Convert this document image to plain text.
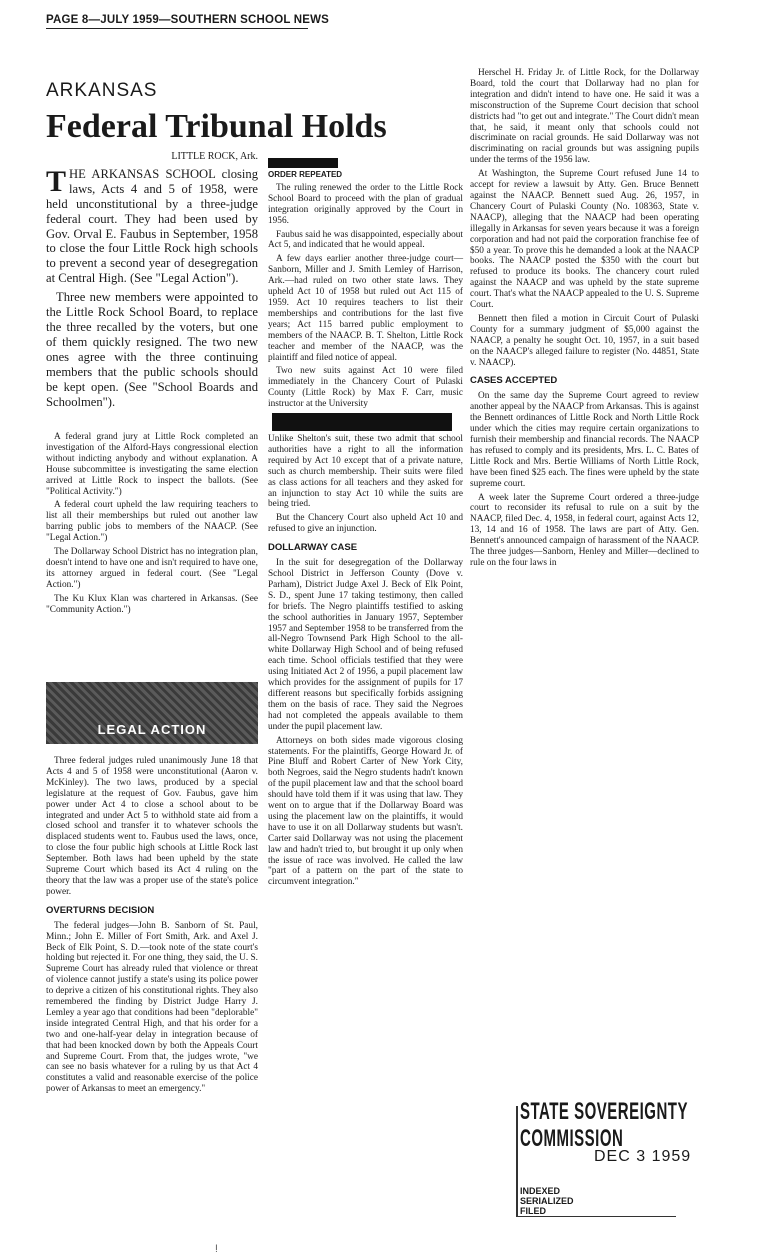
PAGE 8—JULY 1959—SOUTHERN SCHOOL NEWS
ARKANSAS
Federal Tribunal Holds
LITTLE ROCK, Ark.

THE ARKANSAS SCHOOL closing laws, Acts 4 and 5 of 1958, were held unconstitutional by a three-judge federal court. They had been used by Gov. Orval E. Faubus in September, 1958 to close the four Little Rock high schools to prevent a second year of desegregation at Central High. (See "Legal Action").

Three new members were appointed to the Little Rock School Board, to replace the three recalled by the voters, but one of them quickly resigned. The two new ones agree with the three continuing members that the public schools should be kept open. (See "School Boards and Schoolmen").

A federal grand jury at Little Rock completed an investigation of the Alford-Hays congressional election without indicting anybody and without explanation. A House subcommittee is investigating the same election arrived at Little Rock to inspect the ballots. (See "Political Activity.")

A federal court upheld the law requiring teachers to list all their memberships but ruled out another law barring public jobs to members of the NAACP. (See "Legal Action.")

The Dollarway School District has no integration plan, doesn't intend to have one and isn't required to have one, its attorney argued in federal court. (See "Legal Action.")

The Ku Klux Klan was chartered in Arkansas. (See "Community Action.")

LEGAL ACTION

Three federal judges ruled unanimously June 18 that Acts 4 and 5 of 1958 were unconstitutional (Aaron v. McKinley). The two laws, produced by a special legislature at the request of Gov. Faubus, gave him power under Act 4 to close a school about to be integrated and under Act 5 to withhold state aid from a closed school and transfer it to whatever schools the displaced students went to. Faubus used the laws, once, to close the four public high schools at Little Rock last September. Both laws had been upheld by the state Supreme Court which based its Act 4 ruling on the theory that the law was a proper use of the state's police power.

OVERTURNS DECISION

The federal judges—John B. Sanborn of St. Paul, Minn.; John E. Miller of Fort Smith, Ark. and Axel J. Beck of Elk Point, S. D.—took note of the state court's holding but rejected it. For one thing, they said, the U. S. Supreme Court has already ruled that violence or threat of violence cannot justify a state's using its police power to deprive a citizen of his constitutional rights. They also remembered the finding by District Judge Harry J. Lemley a year ago that conditions had been "deplorable" inside integrated Central High, and that his order for a two and one-half-year delay in integration because of that had been knocked down by both the Appeals Court and Supreme Court. From that, the judges wrote, "we can see no basis whatever for a ruling by us that Act 4 constitutes a valid and reasonable exercise of the police power of Arkansas to meet an emergency."

ORDER REPEATED

The ruling renewed the order to the Little Rock School Board to proceed with the plan of gradual integration originally approved by the Court in 1956.

Faubus said he was disappointed, especially about Act 5, and indicated that he would appeal.

A few days earlier another three-judge court—Sanborn, Miller and J. Smith Lemley of Harrison, Ark.—had ruled on two other state laws. They upheld Act 10 of 1958 but ruled out Act 115 of 1959. Act 10 requires teachers to list their memberships and contributions for the last five years; Act 115 barred public employment to members of the NAACP. B. T. Shelton, Little Rock teacher and member of the NAACP, was the plaintiff and filed notice of appeal.

Two new suits against Act 10 were filed immediately in the Chancery Court of Pulaski County (Little Rock) by Max F. Carr, music instructor at the University

Unlike Shelton's suit, these two admit that school authorities have a right to all the information required by Act 10 except that of a private nature, such as church membership. Their suits were filed as class actions for all teachers and they asked for an injunction to stay Act 10 while the suits are being tried.

But the Chancery Court also upheld Act 10 and refused to give an injunction.

DOLLARWAY CASE

In the suit for desegregation of the Dollarway School District in Jefferson County (Dove v. Parham), District Judge Axel J. Beck of Elk Point, S. D., spent June 17 taking testimony, then called for briefs. The Negro plaintiffs testified to asking the school authorities in January 1957, September 1957 and September 1958 to be transferred from the all-Negro Townsend Park High School to the all-white Dollarway High School and of being refused each time. School officials testified that they were using Initiated Act 2 of 1956, a pupil placement law which provides for the assignment of pupils for 17 different reasons but specifically forbids assigning them on the basis of race. They said the Negroes had not completed the appeals available to them under the pupil placement law.

Attorneys on both sides made vigorous closing statements. For the plaintiffs, George Howard Jr. of Pine Bluff and Robert Carter of New York City, both Negroes, said the Negro students hadn't known of the pupil placement law and that the school board should have told them if it was using that law. They went on to argue that if the Dollarway Board was using the placement law on the plaintiffs, it would have to use it on all Dollarway students but wasn't. Carter said Dollarway was not using the placement law and hadn't tried to, but brought it up only when the issue of race was involved. He called the law "part of a pattern on the part of the state to circumvent integration."

Herschel H. Friday Jr. of Little Rock, for the Dollarway Board, told the court that Dollarway had no plan for integration and didn't intend to have one. He said it was a misconstruction of the Supreme Court decision that school districts had "to get out and integrate." The Court didn't mean that, he said, it meant only that schools could not discriminate on racial grounds. He said Dollarway was not discriminating on racial grounds but was assigning pupils under the terms of the 1956 law.

At Washington, the Supreme Court refused June 14 to accept for review a lawsuit by Atty. Gen. Bruce Bennett against the NAACP. Bennett sued Aug. 26, 1957, in Chancery Court of Pulaski County (No. 108363, State v. NAACP), alleging that the NAACP had been operating illegally in Arkansas for seven years because it was a foreign corporation and had not paid the corporation franchise fee of $50 a year. To prove this he demanded a look at the NAACP books. The NAACP posted the $350 with the court but refused to produce its books. The chancery court ruled against the NAACP and was upheld by the state supreme court. That's what the NAACP appealed to the U. S. Supreme Court.

Bennett then filed a motion in Circuit Court of Pulaski County for a summary judgment of $5,000 against the NAACP, a penalty he sought Oct. 10, 1957, in a suit based on the NAACP's alleged failure to register (No. 44851, State v. NAACP).

CASES ACCEPTED

On the same day the Supreme Court agreed to review another appeal by the NAACP from Arkansas. This is against the Bennett ordinances of Little Rock and North Little Rock under which the cities may require certain organizations to furnish their membership and financial records. The NAACP has refused to comply and its presidents, Mrs. L. C. Bates of Little Rock and Mrs. Bertie Williams of North Little Rock, have been fined $25 each. The fines were upheld by the state supreme court.

A week later the Supreme Court ordered a three-judge court to reconsider its refusal to rule on a suit by the NAACP, filed Dec. 4, 1958, in federal court, against Acts 12, 13, 14 and 16 of 1958. The laws are part of Atty. Gen. Bennett's announced campaign of harassment of the NAACP. The three judges—Sanborn, Henley and Miller—declined to rule on the four laws in

STATE SOVEREIGNTY COMMISSION
DEC 3 1959
INDEXED
SERIALIZED
FILED
ᴉ
